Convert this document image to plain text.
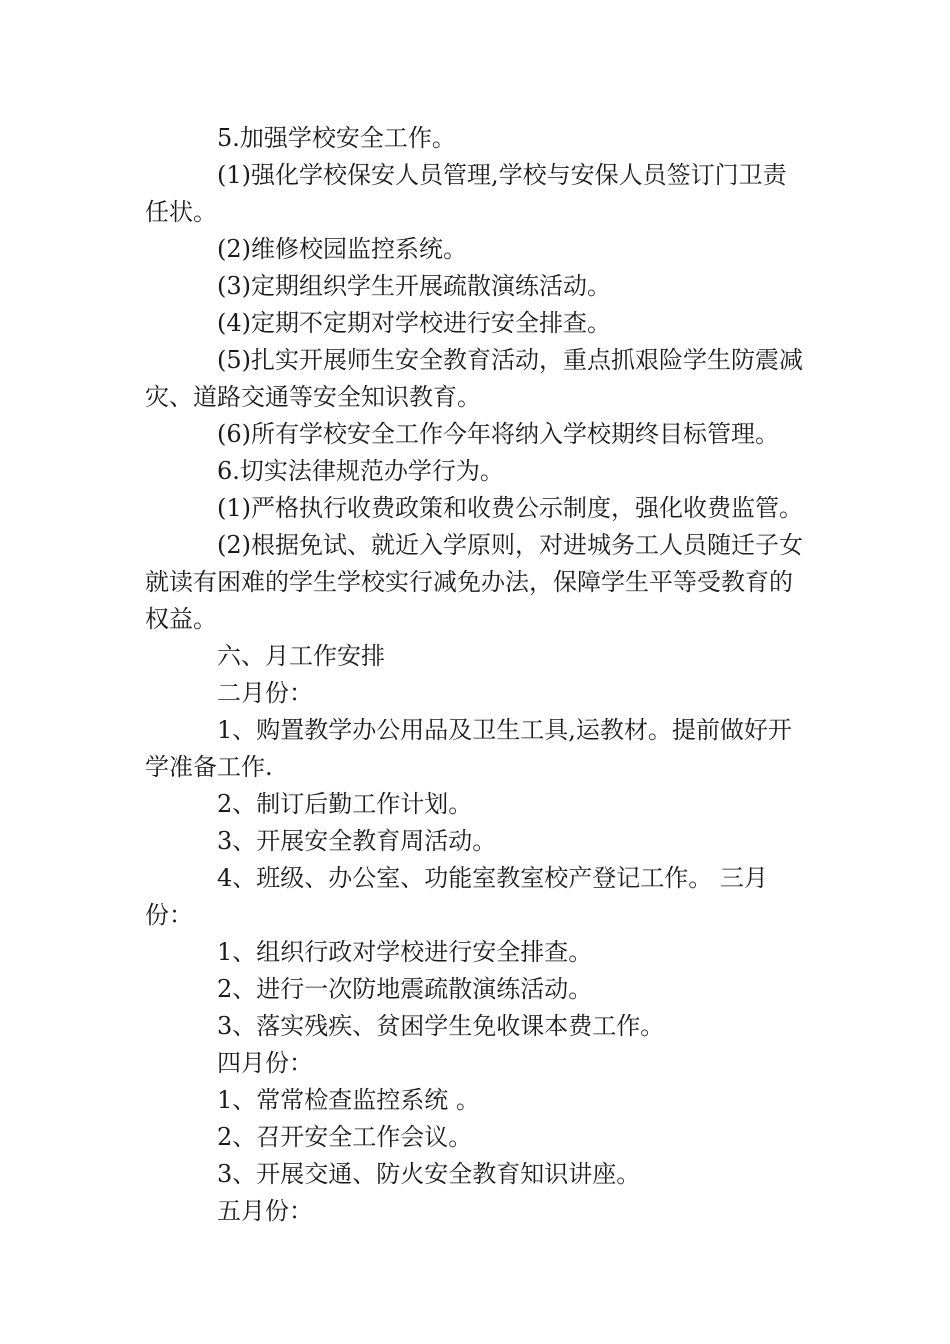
5.加强学校安全工作。

(1)强化学校保安人员管理,学校与安保人员签订门卫责任状。

(2)维修校园监控系统。

(3)定期组织学生开展疏散演练活动。

(4)定期不定期对学校进行安全排查。

(5)扎实开展师生安全教育活动，重点抓艰险学生防震减灾、道路交通等安全知识教育。

(6)所有学校安全工作今年将纳入学校期终目标管理。

6.切实法律规范办学行为。

(1)严格执行收费政策和收费公示制度，强化收费监管。

(2)根据免试、就近入学原则，对进城务工人员随迁子女就读有困难的学生学校实行减免办法，保障学生平等受教育的权益。

六、月工作安排

二月份：

1、购置教学办公用品及卫生工具,运教材。提前做好开学准备工作.

2、制订后勤工作计划。

3、开展安全教育周活动。

4、班级、办公室、功能室教室校产登记工作。 三月份：

1、组织行政对学校进行安全排查。

2、进行一次防地震疏散演练活动。

3、落实残疾、贫困学生免收课本费工作。

四月份：

1、常常检查监控系统 。

2、召开安全工作会议。

3、开展交通、防火安全教育知识讲座。

五月份：
